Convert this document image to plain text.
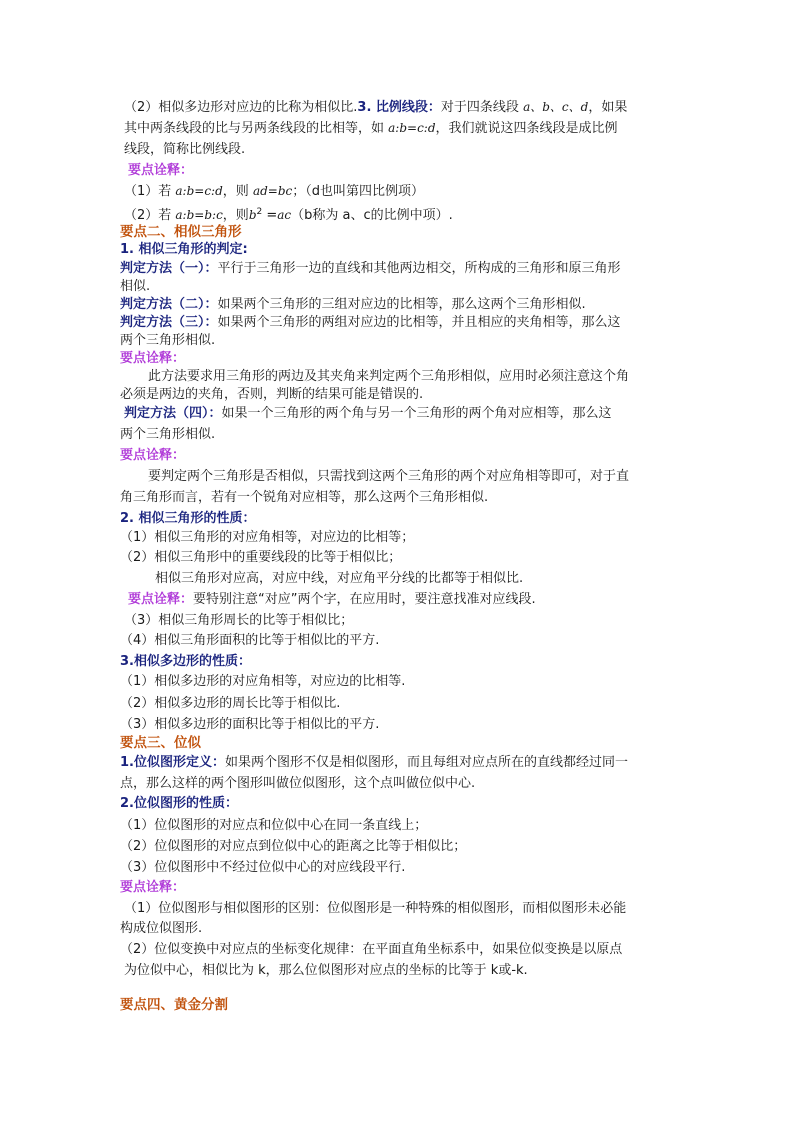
（2）相似多边形对应边的比称为相似比.3. 比例线段：对于四条线段 a、b、c、d，如果
其中两条线段的比与另两条线段的比相等，如 a:b=c:d，我们就说这四条线段是成比例
线段，简称比例线段.
要点诠释：
（1）若 a:b=c:d，则 ad=bc；（d也叫第四比例项）
（2）若 a:b=b:c，则$b^2 =ac(b$称为 a、c的比例中项）.
要点二、相似三角形
1. 相似三角形的判定:
判定方法（一）：平行于三角形一边的直线和其他两边相交，所构成的三角形和原三角形
相似.
判定方法（二）：如果两个三角形的三组对应边的比相等，那么这两个三角形相似.
判定方法（三）：如果两个三角形的两组对应边的比相等，并且相应的夹角相等，那么这
两个三角形相似.
要点诠释：
此方法要求用三角形的两边及其夹角来判定两个三角形相似，应用时必须注意这个角
必须是两边的夹角，否则，判断的结果可能是错误的.
判定方法（四）：如果一个三角形的两个角与另一个三角形的两个角对应相等，那么这
两个三角形相似.
要点诠释：
要判定两个三角形是否相似，只需找到这两个三角形的两个对应角相等即可，对于直
角三角形而言，若有一个锐角对应相等，那么这两个三角形相似.
2. 相似三角形的性质：
（1）相似三角形的对应角相等，对应边的比相等；
（2）相似三角形中的重要线段的比等于相似比；
相似三角形对应高，对应中线，对应角平分线的比都等于相似比.
要点诠释：要特别注意“对应”两个字，在应用时，要注意找准对应线段.
（3）相似三角形周长的比等于相似比；
（4）相似三角形面积的比等于相似比的平方.
3.相似多边形的性质：
（1）相似多边形的对应角相等，对应边的比相等.
（2）相似多边形的周长比等于相似比.
（3）相似多边形的面积比等于相似比的平方.
要点三、位似
1.位似图形定义：如果两个图形不仅是相似图形，而且每组对应点所在的直线都经过同一
点，那么这样的两个图形叫做位似图形，这个点叫做位似中心.
2.位似图形的性质：
（1）位似图形的对应点和位似中心在同一条直线上；
（2）位似图形的对应点到位似中心的距离之比等于相似比；
（3）位似图形中不经过位似中心的对应线段平行.
要点诠释：
（1）位似图形与相似图形的区别：位似图形是一种特殊的相似图形，而相似图形未必能
构成位似图形.
（2）位似变换中对应点的坐标变化规律：在平面直角坐标系中，如果位似变换是以原点
为位似中心，相似比为 k，那么位似图形对应点的坐标的比等于 k或-k.
要点四、黄金分割
